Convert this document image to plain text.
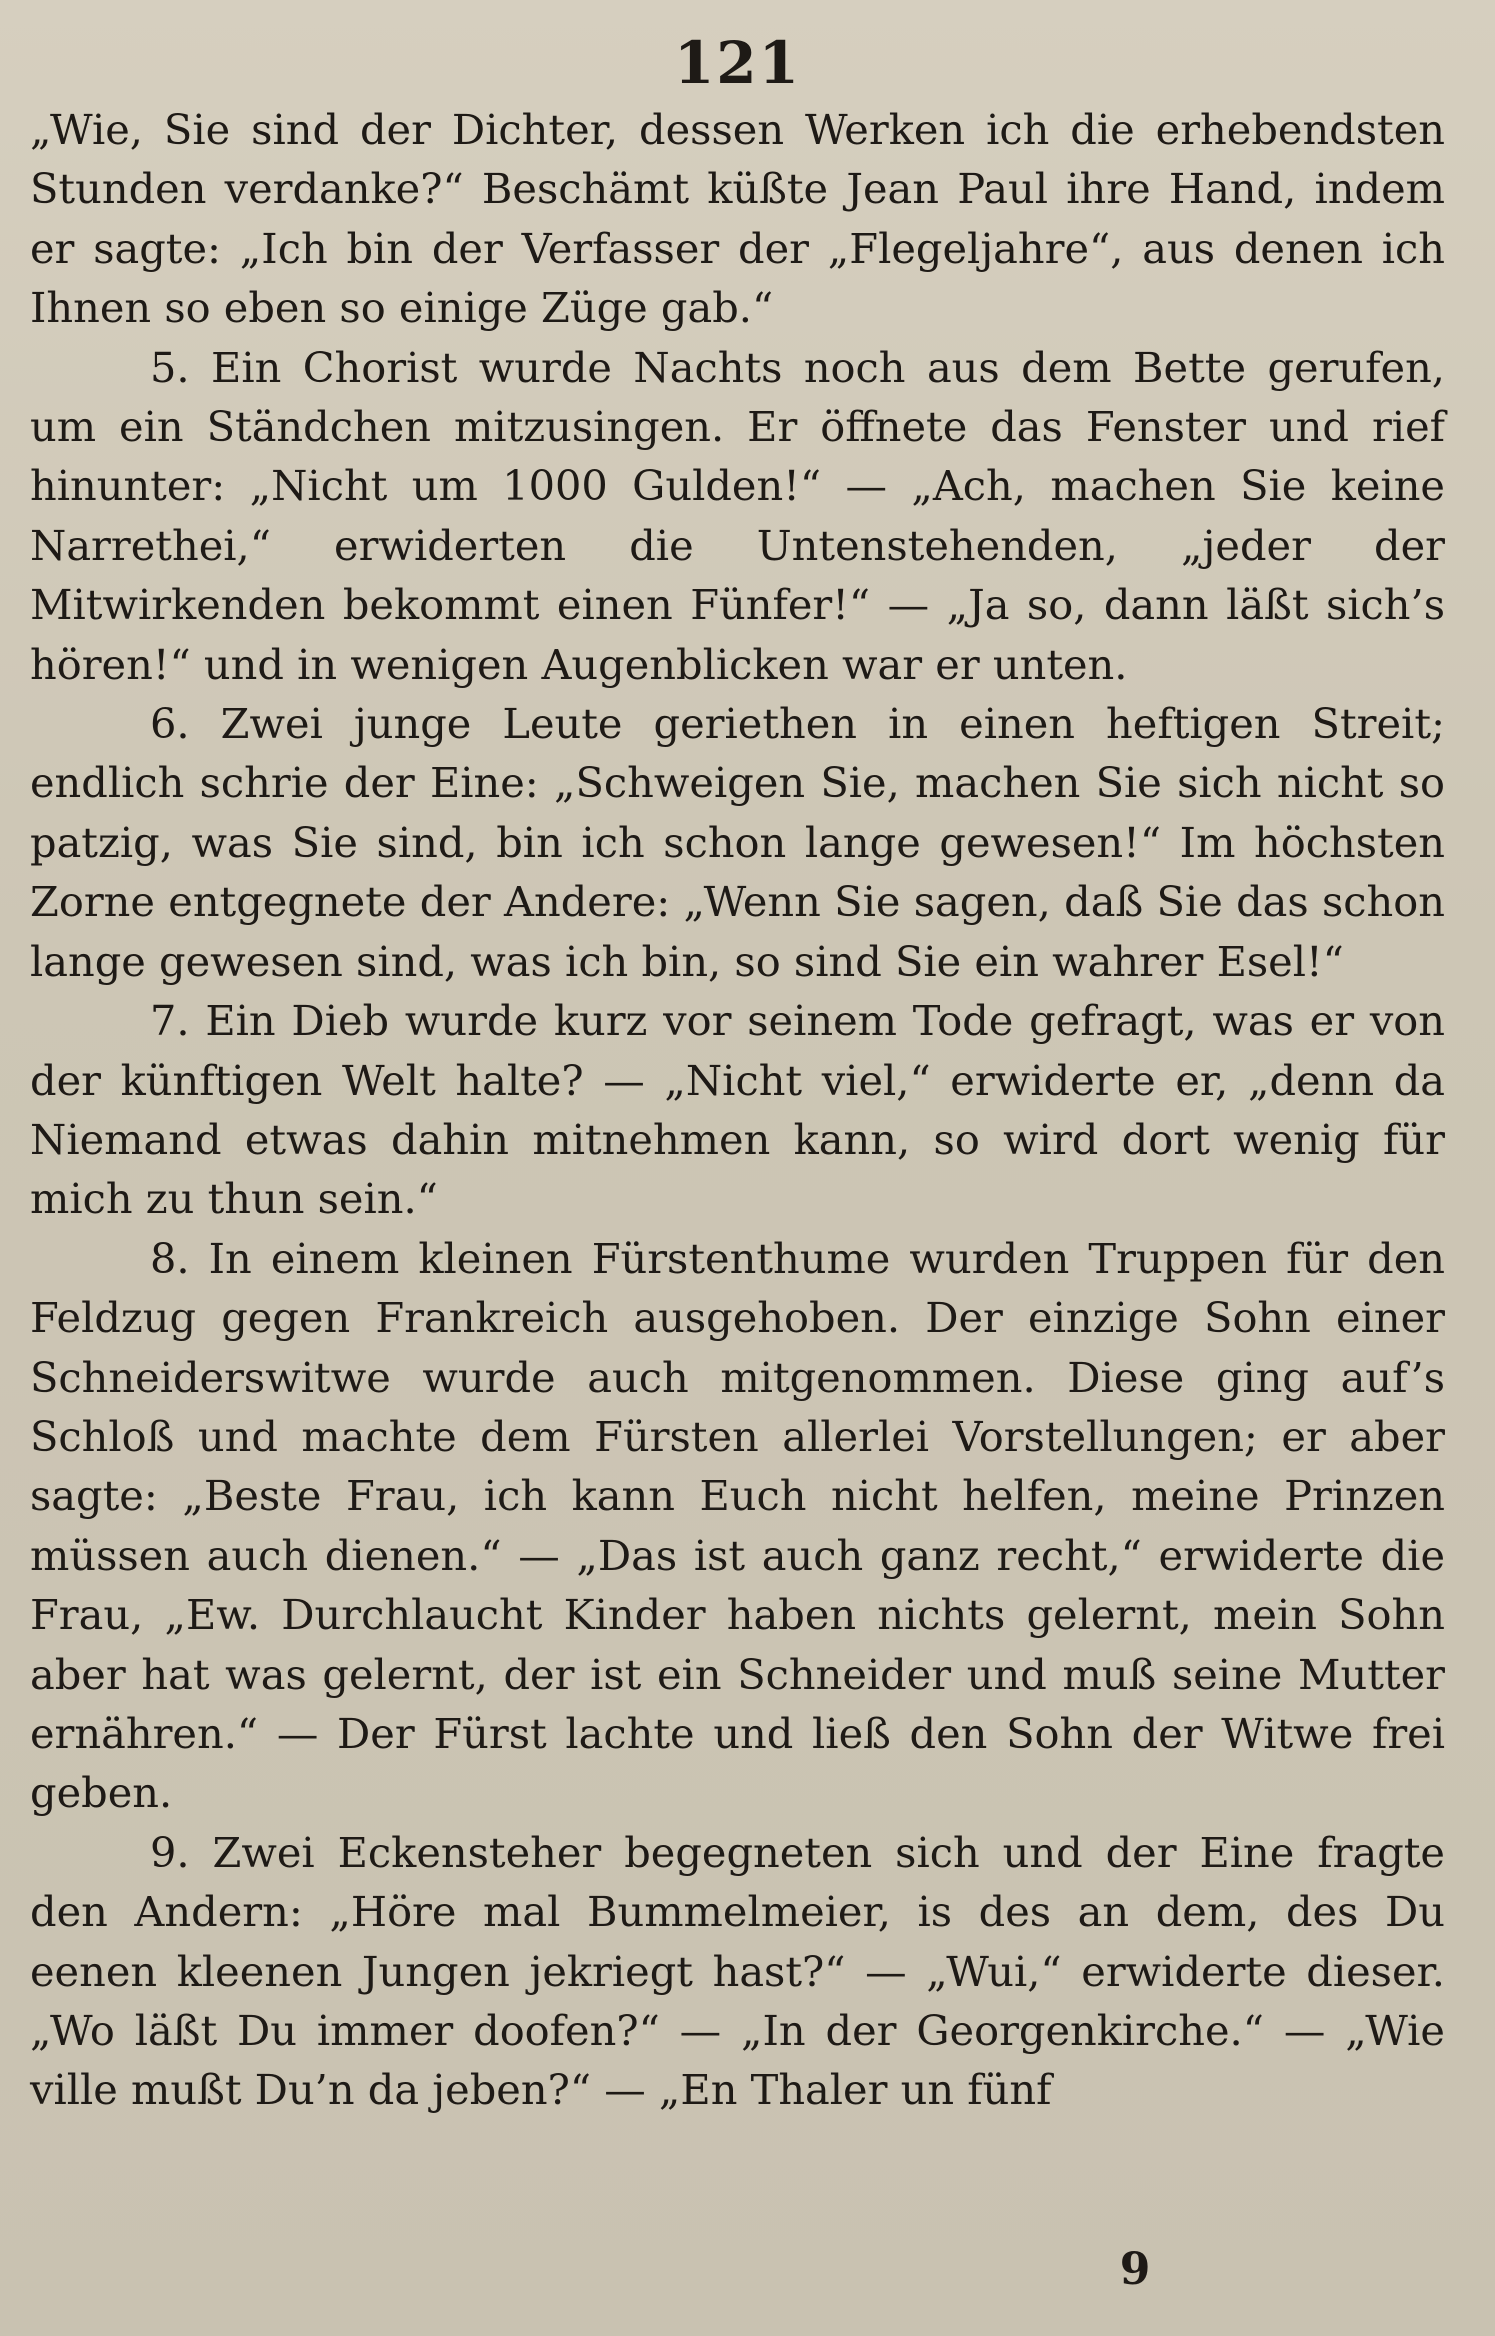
121

„Wie, Sie sind der Dichter, dessen Werken ich die erhebendsten Stunden verdanke?“ Beschämt küßte Jean Paul ihre Hand, indem er sagte: „Ich bin der Verfasser der „Flegeljahre“, aus denen ich Ihnen so eben so einige Züge gab.“

5. Ein Chorist wurde Nachts noch aus dem Bette gerufen, um ein Ständchen mitzusingen. Er öffnete das Fenster und rief hinunter: „Nicht um 1000 Gulden!“ — „Ach, machen Sie keine Narrethei,“ erwiderten die Untenstehenden, „jeder der Mitwirkenden bekommt einen Fünfer!“ — „Ja so, dann läßt sich’s hören!“ und in wenigen Augenblicken war er unten.

6. Zwei junge Leute geriethen in einen heftigen Streit; endlich schrie der Eine: „Schweigen Sie, machen Sie sich nicht so patzig, was Sie sind, bin ich schon lange gewesen!“ Im höchsten Zorne entgegnete der Andere: „Wenn Sie sagen, daß Sie das schon lange gewesen sind, was ich bin, so sind Sie ein wahrer Esel!“

7. Ein Dieb wurde kurz vor seinem Tode gefragt, was er von der künftigen Welt halte? — „Nicht viel,“ erwiderte er, „denn da Niemand etwas dahin mitnehmen kann, so wird dort wenig für mich zu thun sein.“

8. In einem kleinen Fürstenthume wurden Truppen für den Feldzug gegen Frankreich ausgehoben. Der einzige Sohn einer Schneiderswitwe wurde auch mitgenommen. Diese ging auf’s Schloß und machte dem Fürsten allerlei Vorstellungen; er aber sagte: „Beste Frau, ich kann Euch nicht helfen, meine Prinzen müssen auch dienen.“ — „Das ist auch ganz recht,“ erwiderte die Frau, „Ew. Durchlaucht Kinder haben nichts gelernt, mein Sohn aber hat was gelernt, der ist ein Schneider und muß seine Mutter ernähren.“ — Der Fürst lachte und ließ den Sohn der Witwe frei geben.

9. Zwei Eckensteher begegneten sich und der Eine fragte den Andern: „Höre mal Bummelmeier, is des an dem, des Du eenen kleenen Jungen jekriegt hast?“ — „Wui,“ erwiderte dieser. „Wo läßt Du immer doofen?“ — „In der Georgenkirche.“ — „Wie ville mußt Du’n da jeben?“ — „En Thaler un fünf

9
